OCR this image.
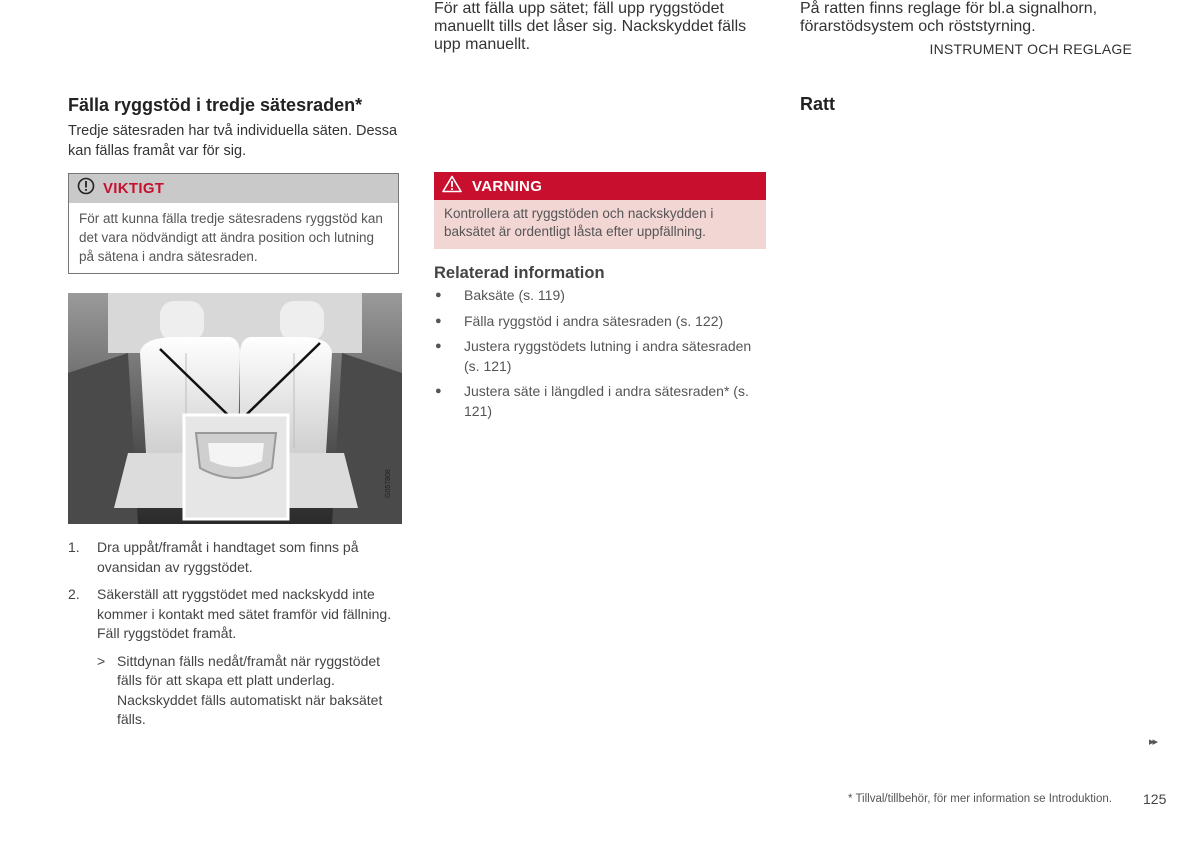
INSTRUMENT OCH REGLAGE
Fälla ryggstöd i tredje sätesraden*
Tredje sätesraden har två individuella säten. Dessa kan fällas framåt var för sig.
VIKTIGT
För att kunna fälla tredje sätesradens ryggstöd kan det vara nödvändigt att ändra position och lutning på sätena i andra sätesraden.
G057808
1.	Dra uppåt/framåt i handtaget som finns på ovansidan av ryggstödet.
2.	Säkerställ att ryggstödet med nackskydd inte kommer i kontakt med sätet framför vid fällning. Fäll ryggstödet framåt.
> Sittdynan fälls nedåt/framåt när ryggstödet fälls för att skapa ett platt underlag. Nackskyddet fälls automatiskt när baksätet fälls.
För att fälla upp sätet; fäll upp ryggstödet manuellt tills det låser sig. Nackskyddet fälls upp manuellt.
VARNING
Kontrollera att ryggstöden och nackskydden i baksätet är ordentligt låsta efter uppfällning.
Relaterad information
●	Baksäte (s. 119)
●	Fälla ryggstöd i andra sätesraden (s. 122)
●	Justera ryggstödets lutning i andra sätesraden (s. 121)
●	Justera säte i längdled i andra sätesraden* (s. 121)
Ratt
På ratten finns reglage för bl.a signalhorn, förarstödsystem och röststyrning.
▸▸
* Tillval/tillbehör, för mer information se Introduktion. 125
